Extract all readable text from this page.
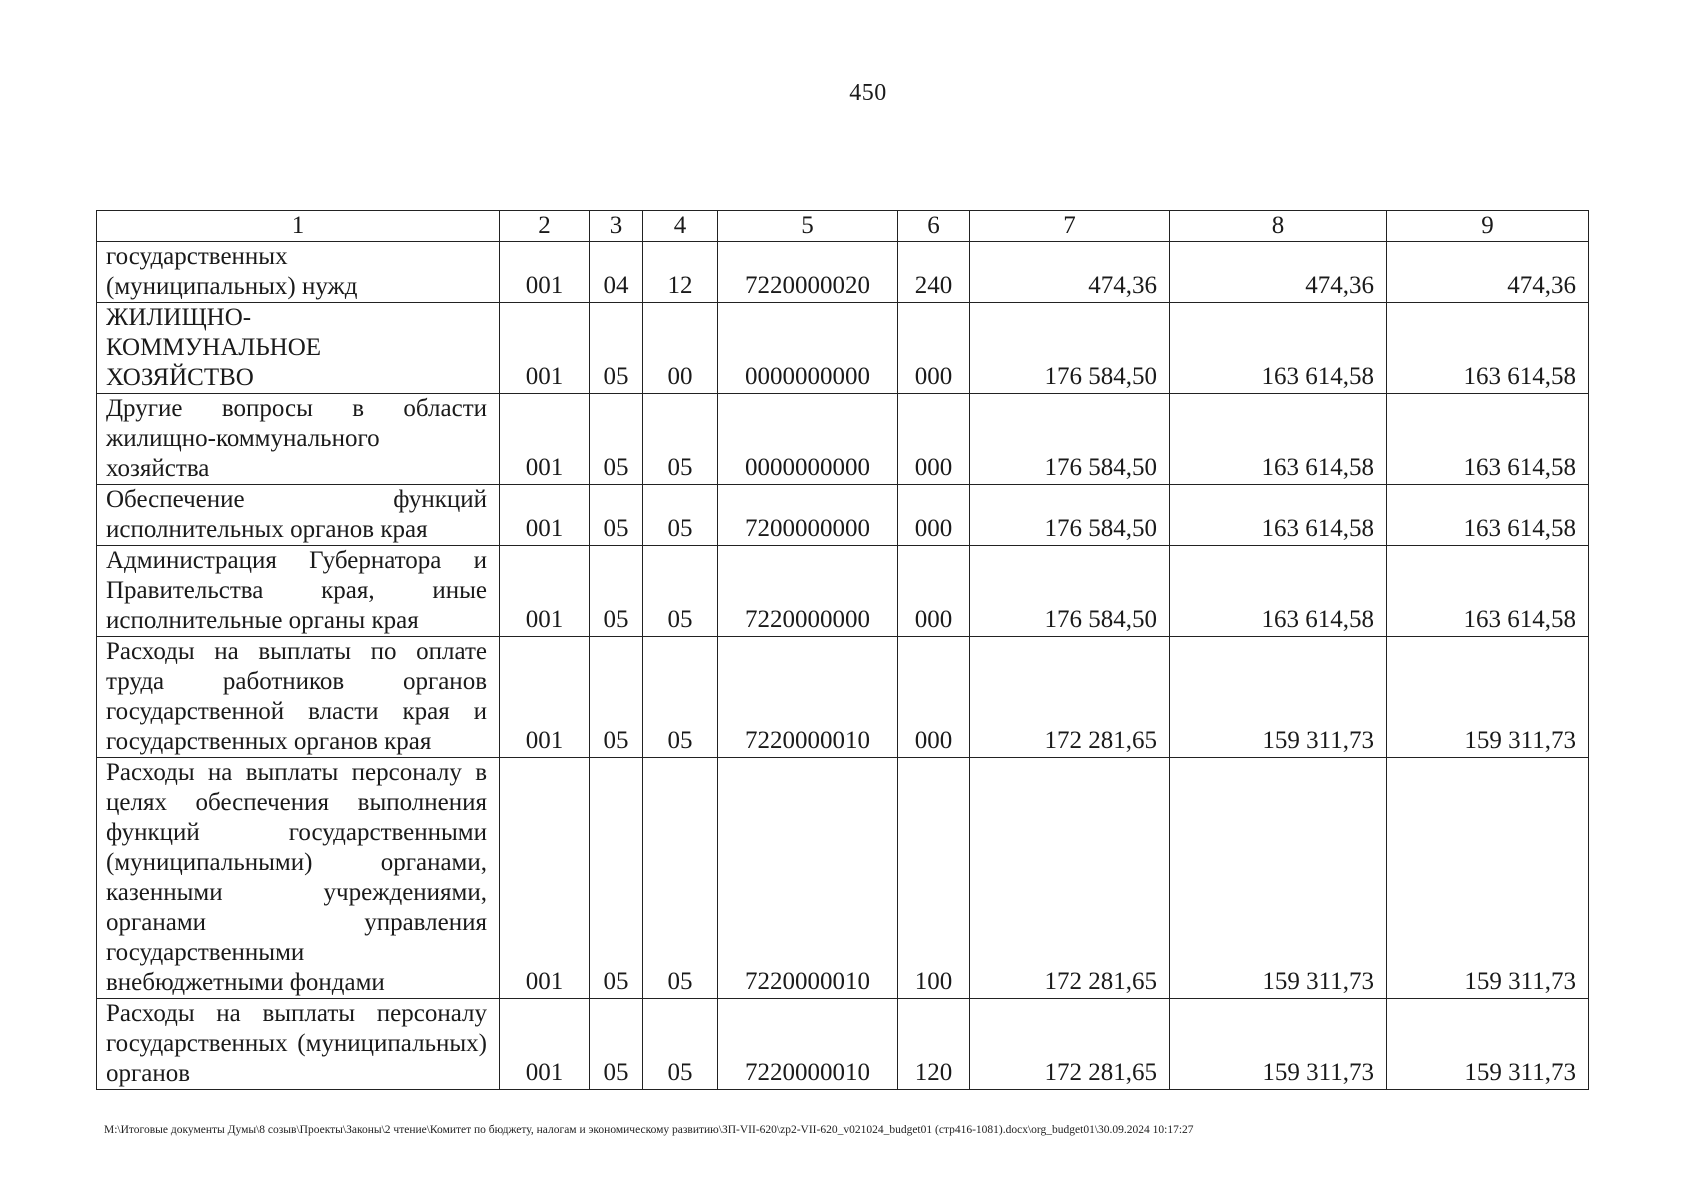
450
1	2	3	4	5	6	7	8	9
государственных (муниципальных) нужд	001	04	12	7220000020	240	474,36	474,36	474,36
ЖИЛИЩНО-КОММУНАЛЬНОЕ ХОЗЯЙСТВО	001	05	00	0000000000	000	176 584,50	163 614,58	163 614,58
Другие вопросы в области жилищно-коммунального хозяйства	001	05	05	0000000000	000	176 584,50	163 614,58	163 614,58
Обеспечение функций исполнительных органов края	001	05	05	7200000000	000	176 584,50	163 614,58	163 614,58
Администрация Губернатора и Правительства края, иные исполнительные органы края	001	05	05	7220000000	000	176 584,50	163 614,58	163 614,58
Расходы на выплаты по оплате труда работников органов государственной власти края и государственных органов края	001	05	05	7220000010	000	172 281,65	159 311,73	159 311,73
Расходы на выплаты персоналу в целях обеспечения выполнения функций государственными (муниципальными) органами, казенными учреждениями, органами управления государственными внебюджетными фондами	001	05	05	7220000010	100	172 281,65	159 311,73	159 311,73
Расходы на выплаты персоналу государственных (муниципальных) органов	001	05	05	7220000010	120	172 281,65	159 311,73	159 311,73
М:\Итоговые документы Думы\8 созыв\Проекты\Законы\2 чтение\Комитет по бюджету, налогам и экономическому развитию\ЗП-VII-620\zp2-VII-620_v021024_budget01 (стр416-1081).docx\org_budget01\30.09.2024 10:17:27
